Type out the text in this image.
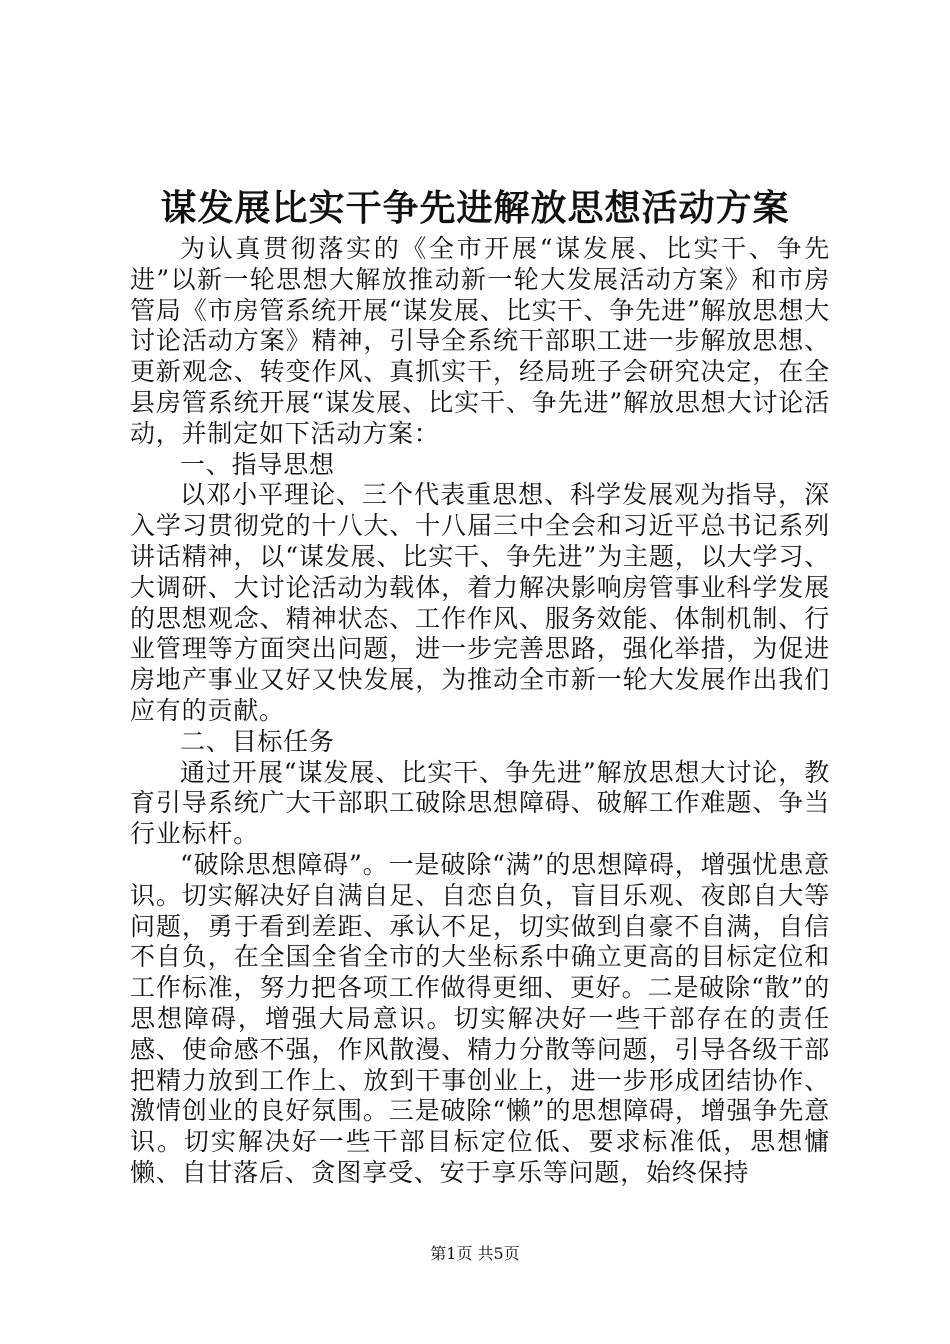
谋发展比实干争先进解放思想活动方案

为认真贯彻落实的《全市开展“谋发展、比实干、争先进”以新一轮思想大解放推动新一轮大发展活动方案》和市房管局《市房管系统开展“谋发展、比实干、争先进”解放思想大讨论活动方案》精神，引导全系统干部职工进一步解放思想、更新观念、转变作风、真抓实干，经局班子会研究决定，在全县房管系统开展“谋发展、比实干、争先进”解放思想大讨论活动，并制定如下活动方案：

一、指导思想

以邓小平理论、三个代表重思想、科学发展观为指导，深入学习贯彻党的十八大、十八届三中全会和习近平总书记系列讲话精神，以“谋发展、比实干、争先进”为主题，以大学习、大调研、大讨论活动为载体，着力解决影响房管事业科学发展的思想观念、精神状态、工作作风、服务效能、体制机制、行业管理等方面突出问题，进一步完善思路，强化举措，为促进房地产事业又好又快发展，为推动全市新一轮大发展作出我们应有的贡献。

二、目标任务

通过开展“谋发展、比实干、争先进”解放思想大讨论，教育引导系统广大干部职工破除思想障碍、破解工作难题、争当行业标杆。

“破除思想障碍”。一是破除“满”的思想障碍，增强忧患意识。切实解决好自满自足、自恋自负，盲目乐观、夜郎自大等问题，勇于看到差距、承认不足，切实做到自豪不自满，自信不自负，在全国全省全市的大坐标系中确立更高的目标定位和工作标准，努力把各项工作做得更细、更好。二是破除“散”的思想障碍，增强大局意识。切实解决好一些干部存在的责任感、使命感不强，作风散漫、精力分散等问题，引导各级干部把精力放到工作上、放到干事创业上，进一步形成团结协作、激情创业的良好氛围。三是破除“懒”的思想障碍，增强争先意识。切实解决好一些干部目标定位低、要求标准低，思想慵懒、自甘落后、贪图享受、安于享乐等问题，始终保持

第1页 共5页
